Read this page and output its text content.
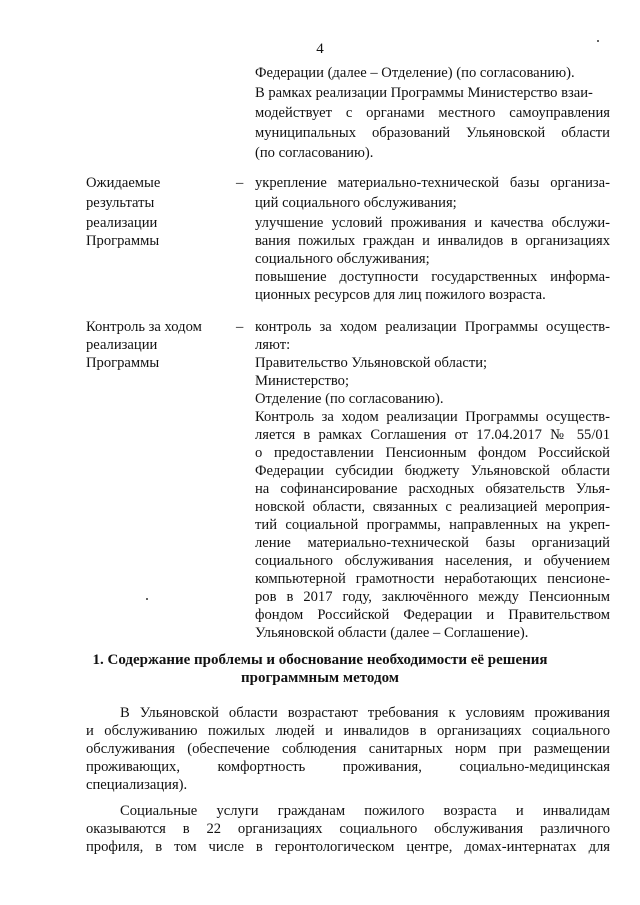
4
Федерации (далее – Отделение) (по согласованию).
В рамках реализации Программы Министерство взаи-
модействует с органами местного самоуправления
муниципальных образований Ульяновской области
(по согласованию).
Ожидаемые
результаты
реализации
Программы
– укрепление материально-технической базы организа-
ций социального обслуживания;
улучшение условий проживания и качества обслужи-
вания пожилых граждан и инвалидов в организациях
социального обслуживания;
повышение доступности государственных информа-
ционных ресурсов для лиц пожилого возраста.
Контроль за ходом
реализации
Программы
– контроль за ходом реализации Программы осуществ-
ляют:
Правительство Ульяновской области;
Министерство;
Отделение (по согласованию).
Контроль за ходом реализации Программы осуществ-
ляется в рамках Соглашения от 17.04.2017 № 55/01
о предоставлении Пенсионным фондом Российской
Федерации субсидии бюджету Ульяновской области
на софинансирование расходных обязательств Улья-
новской области, связанных с реализацией мероприя-
тий социальной программы, направленных на укреп-
ление материально-технической базы организаций
социального обслуживания населения, и обучением
компьютерной грамотности неработающих пенсионе-
ров в 2017 году, заключённого между Пенсионным
фондом Российской Федерации и Правительством
Ульяновской области (далее – Соглашение).
1. Содержание проблемы и обоснование необходимости её решения
программным методом
В Ульяновской области возрастают требования к условиям проживания
и обслуживанию пожилых людей и инвалидов в организациях социального
обслуживания (обеспечение соблюдения санитарных норм при размещении
проживающих, комфортность проживания, социально-медицинская
специализация).
Социальные услуги гражданам пожилого возраста и инвалидам
оказываются в 22 организациях социального обслуживания различного
профиля, в том числе в геронтологическом центре, домах-интернатах для
